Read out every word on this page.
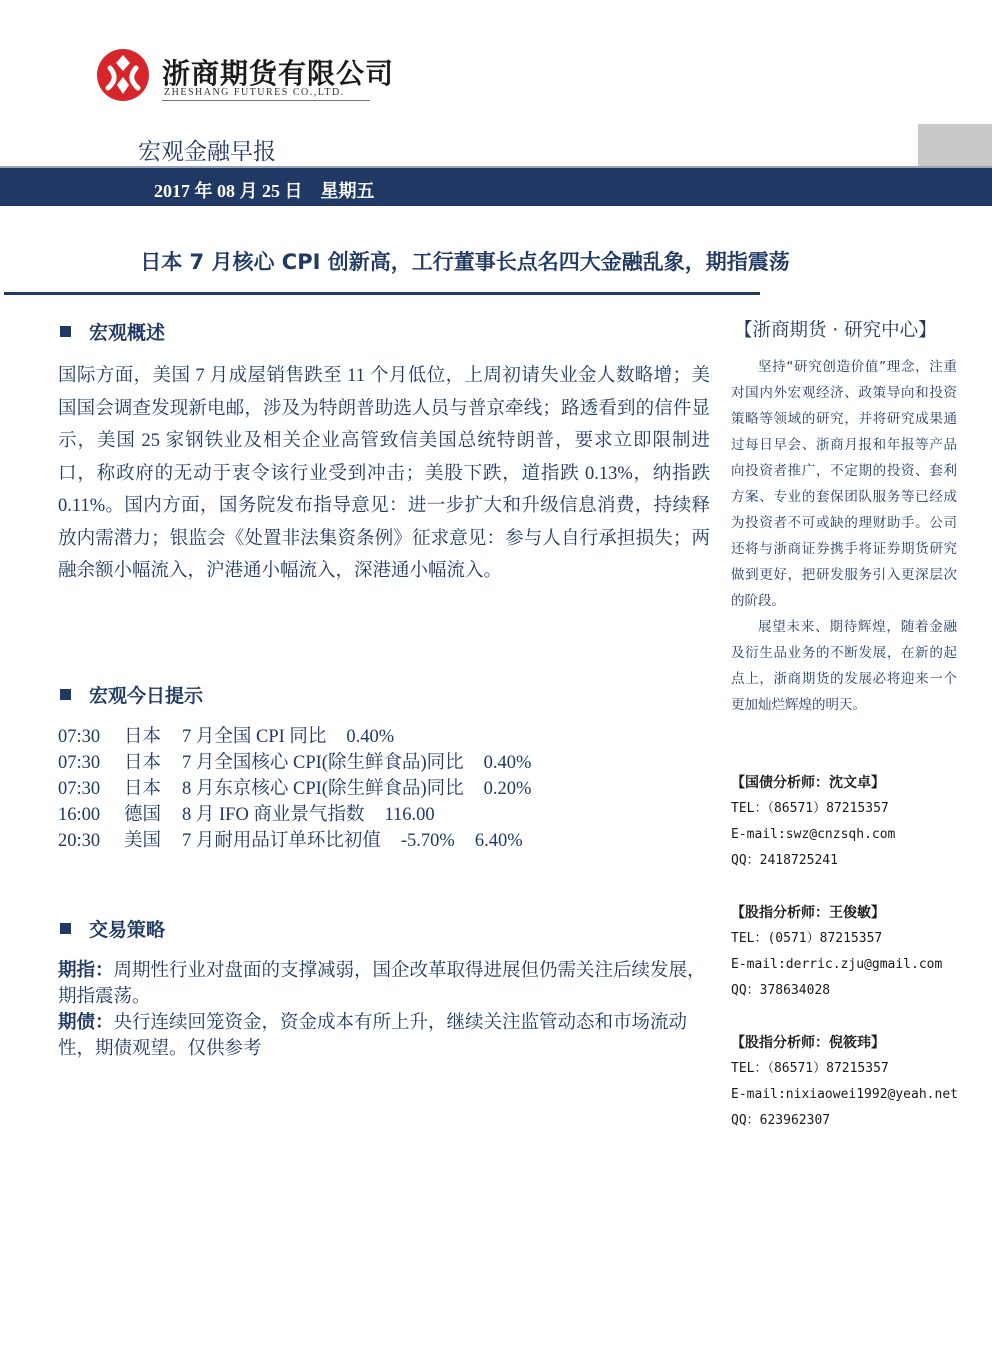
浙商期货有限公司
ZHESHANG FUTURES CO.,LTD.
宏观金融早报
2017 年 08 月 25 日　星期五
日本 7 月核心 CPI 创新高，工行董事长点名四大金融乱象，期指震荡
宏观概述
国际方面，美国 7 月成屋销售跌至 11 个月低位，上周初请失业金人数略增；美国国会调查发现新电邮，涉及为特朗普助选人员与普京牵线；路透看到的信件显示，美国 25 家钢铁业及相关企业高管致信美国总统特朗普，要求立即限制进口，称政府的无动于衷令该行业受到冲击；美股下跌，道指跌 0.13%，纳指跌 0.11%。国内方面，国务院发布指导意见：进一步扩大和升级信息消费，持续释放内需潜力；银监会《处置非法集资条例》征求意见：参与人自行承担损失；两融余额小幅流入，沪港通小幅流入，深港通小幅流入。
宏观今日提示
07:30 日本 7 月全国 CPI 同比 0.40%
07:30 日本 7 月全国核心 CPI(除生鲜食品)同比 0.40%
07:30 日本 8 月东京核心 CPI(除生鲜食品)同比 0.20%
16:00 德国 8 月 IFO 商业景气指数 116.00
20:30 美国 7 月耐用品订单环比初值 -5.70% 6.40%
交易策略

期指：周期性行业对盘面的支撑减弱，国企改革取得进展但仍需关注后续发展，期指震荡。

期债：央行连续回笼资金，资金成本有所上升，继续关注监管动态和市场流动性，期债观望。仅供参考

【浙商期货 · 研究中心】

坚持“研究创造价值”理念，注重对国内外宏观经济、政策导向和投资策略等领域的研究，并将研究成果通过每日早会、浙商月报和年报等产品向投资者推广，不定期的投资、套利方案、专业的套保团队服务等已经成为投资者不可或缺的理财助手。公司还将与浙商证券携手将证券期货研究做到更好，把研发服务引入更深层次的阶段。

展望未来、期待辉煌，随着金融及衍生品业务的不断发展，在新的起点上，浙商期货的发展必将迎来一个更加灿烂辉煌的明天。

【国债分析师：沈文卓】
TEL：（86571）87215357
E-mail:swz@cnzsqh.com
QQ：2418725241
【股指分析师：王俊敏】
TEL：(0571）87215357
E-mail:derric.zju@gmail.com
QQ：378634028
【股指分析师：倪筱玮】
TEL：（86571）87215357
E-mail:nixiaowei1992@yeah.net
QQ：623962307
